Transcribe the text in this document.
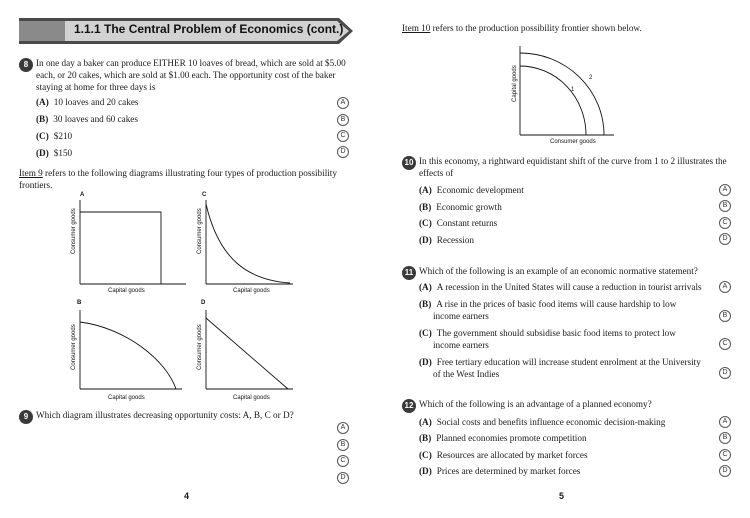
1.1.1 The Central Problem of Economics (cont.)
8 In one day a baker can produce EITHER 10 loaves of bread, which are sold at $5.00
each, or 20 cakes, which are sold at $1.00 each. The opportunity cost of the baker
staying at home for three days is
(A) 10 loaves and 20 cakes	A
(B) 30 loaves and 60 cakes	B
(C) $210	C
(D) $150	D
Item 9 refers to the following diagrams illustrating four types of production possibility
frontiers.
A
Consumer goods
Capital goods
C
Consumer goods
Capital goods
B
Consumer goods
Capital goods
D
Consumer goods
Capital goods
9 Which diagram illustrates decreasing opportunity costs: A, B, C or D?
A
B
C
D
4
Item 10 refers to the production possibility frontier shown below.
1
2
Capital goods
Consumer goods
10 In this economy, a rightward equidistant shift of the curve from 1 to 2 illustrates the
effects of
(A) Economic development	A
(B) Economic growth	B
(C) Constant returns	C
(D) Recession	D
11 Which of the following is an example of an economic normative statement?
(A) A recession in the United States will cause a reduction in tourist arrivals	A
(B) A rise in the prices of basic food items will cause hardship to low
income earners	B
(C) The government should subsidise basic food items to protect low
income earners	C
(D) Free tertiary education will increase student enrolment at the University
of the West Indies	D
12 Which of the following is an advantage of a planned economy?
(A) Social costs and benefits influence economic decision-making	A
(B) Planned economies promote competition	B
(C) Resources are allocated by market forces	C
(D) Prices are determined by market forces	D
5
